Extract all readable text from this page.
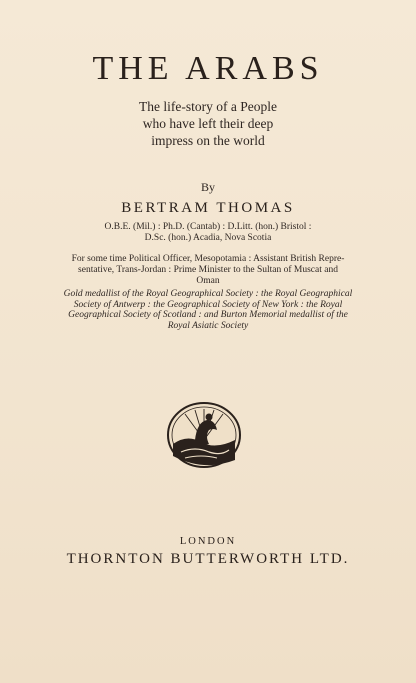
THE ARABS
The life-story of a People
who have left their deep
impress on the world
By
BERTRAM THOMAS
O.B.E. (Mil.) : Ph.D. (Cantab) : D.Litt. (hon.) Bristol :
D.Sc. (hon.) Acadia, Nova Scotia
For some time Political Officer, Mesopotamia : Assistant British Repre-
sentative, Trans-Jordan : Prime Minister to the Sultan of Muscat and
Oman
Gold medallist of the Royal Geographical Society : the Royal Geographical
Society of Antwerp : the Geographical Society of New York : the Royal
Geographical Society of Scotland : and Burton Memorial medallist of the
Royal Asiatic Society
LONDON
THORNTON BUTTERWORTH LTD.
